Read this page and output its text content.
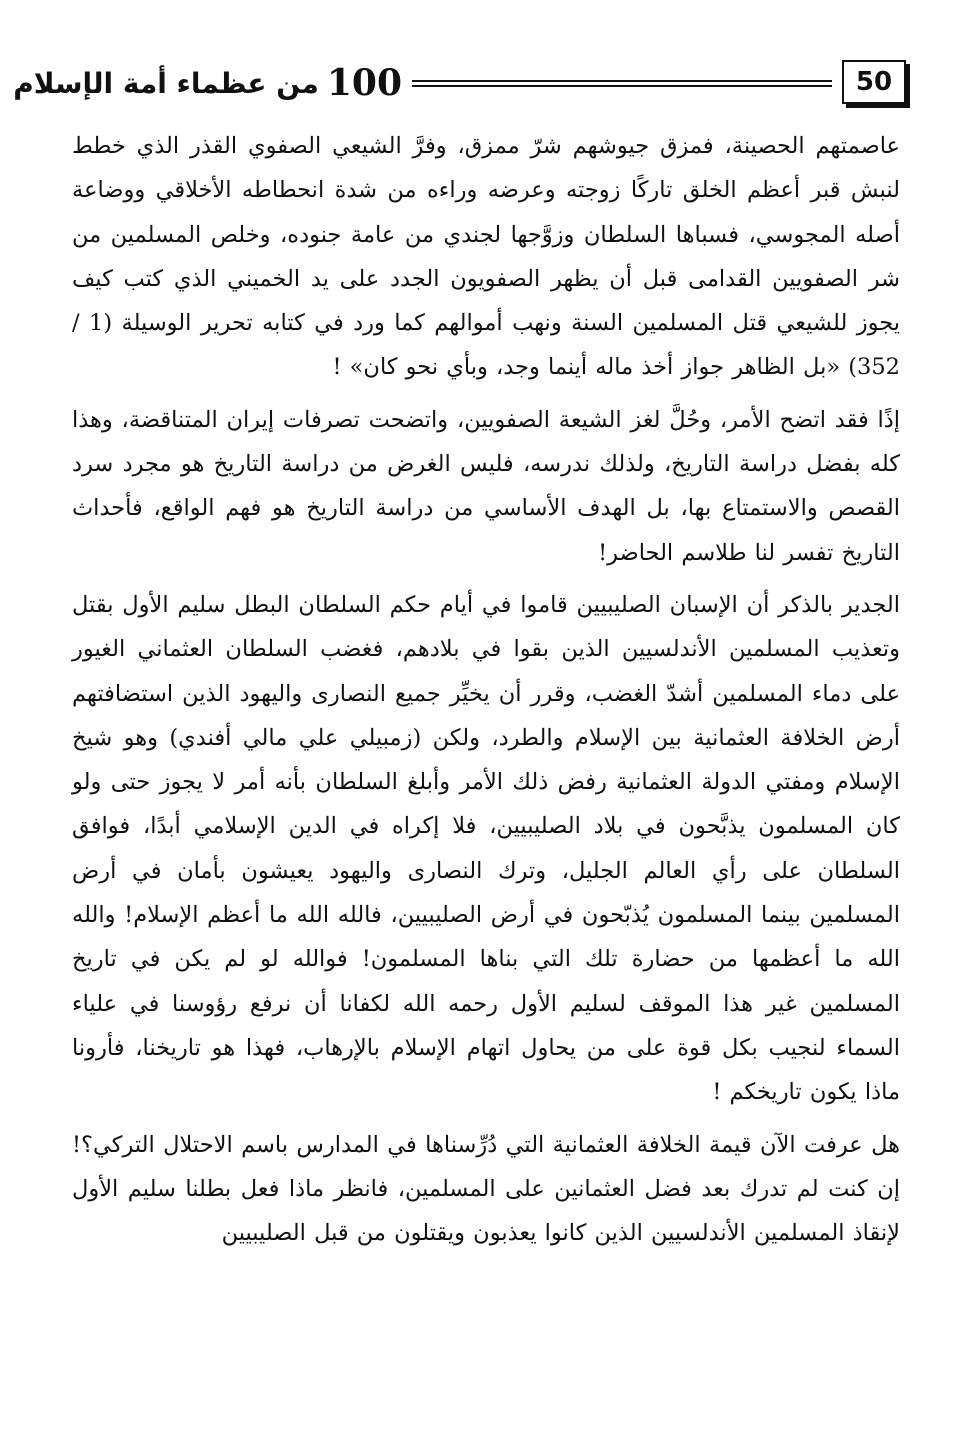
50
100
من عظماء أمة الإسلام

عاصمتهم الحصينة، فمزق جيوشهم شرّ ممزق، وفرَّ الشيعي الصفوي القذر الذي خطط لنبش قبر أعظم الخلق تاركًا زوجته وعرضه وراءه من شدة انحطاطه الأخلاقي ووضاعة أصله المجوسي، فسباها السلطان وزوَّجها لجندي من عامة جنوده، وخلص المسلمين من شر الصفويين القدامى قبل أن يظهر الصفويون الجدد على يد الخميني الذي كتب كيف يجوز للشيعي قتل المسلمين السنة ونهب أموالهم كما ورد في كتابه تحرير الوسيلة (1 / 352) «بل الظاهر جواز أخذ ماله أينما وجد، وبأي نحو كان» !

إذًا فقد اتضح الأمر، وحُلَّ لغز الشيعة الصفويين، واتضحت تصرفات إيران المتناقضة، وهذا كله بفضل دراسة التاريخ، ولذلك ندرسه، فليس الغرض من دراسة التاريخ هو مجرد سرد القصص والاستمتاع بها، بل الهدف الأساسي من دراسة التاريخ هو فهم الواقع، فأحداث التاريخ تفسر لنا طلاسم الحاضر!

الجدير بالذكر أن الإسبان الصليبيين قاموا في أيام حكم السلطان البطل سليم الأول بقتل وتعذيب المسلمين الأندلسيين الذين بقوا في بلادهم، فغضب السلطان العثماني الغيور على دماء المسلمين أشدّ الغضب، وقرر أن يخيِّر جميع النصارى واليهود الذين استضافتهم أرض الخلافة العثمانية بين الإسلام والطرد، ولكن (زمبيلي علي مالي أفندي) وهو شيخ الإسلام ومفتي الدولة العثمانية رفض ذلك الأمر وأبلغ السلطان بأنه أمر لا يجوز حتى ولو كان المسلمون يذبَّحون في بلاد الصليبيين، فلا إكراه في الدين الإسلامي أبدًا، فوافق السلطان على رأي العالم الجليل، وترك النصارى واليهود يعيشون بأمان في أرض المسلمين بينما المسلمون يُذبّحون في أرض الصليبيين، فالله الله ما أعظم الإسلام! والله الله ما أعظمها من حضارة تلك التي بناها المسلمون! فوالله لو لم يكن في تاريخ المسلمين غير هذا الموقف لسليم الأول رحمه الله لكفانا أن نرفع رؤوسنا في علياء السماء لنجيب بكل قوة على من يحاول اتهام الإسلام بالإرهاب، فهذا هو تاريخنا، فأرونا ماذا يكون تاريخكم !

هل عرفت الآن قيمة الخلافة العثمانية التي دُرِّسناها في المدارس باسم الاحتلال التركي؟! إن كنت لم تدرك بعد فضل العثمانين على المسلمين، فانظر ماذا فعل بطلنا سليم الأول لإنقاذ المسلمين الأندلسيين الذين كانوا يعذبون ويقتلون من قبل الصليبيين
